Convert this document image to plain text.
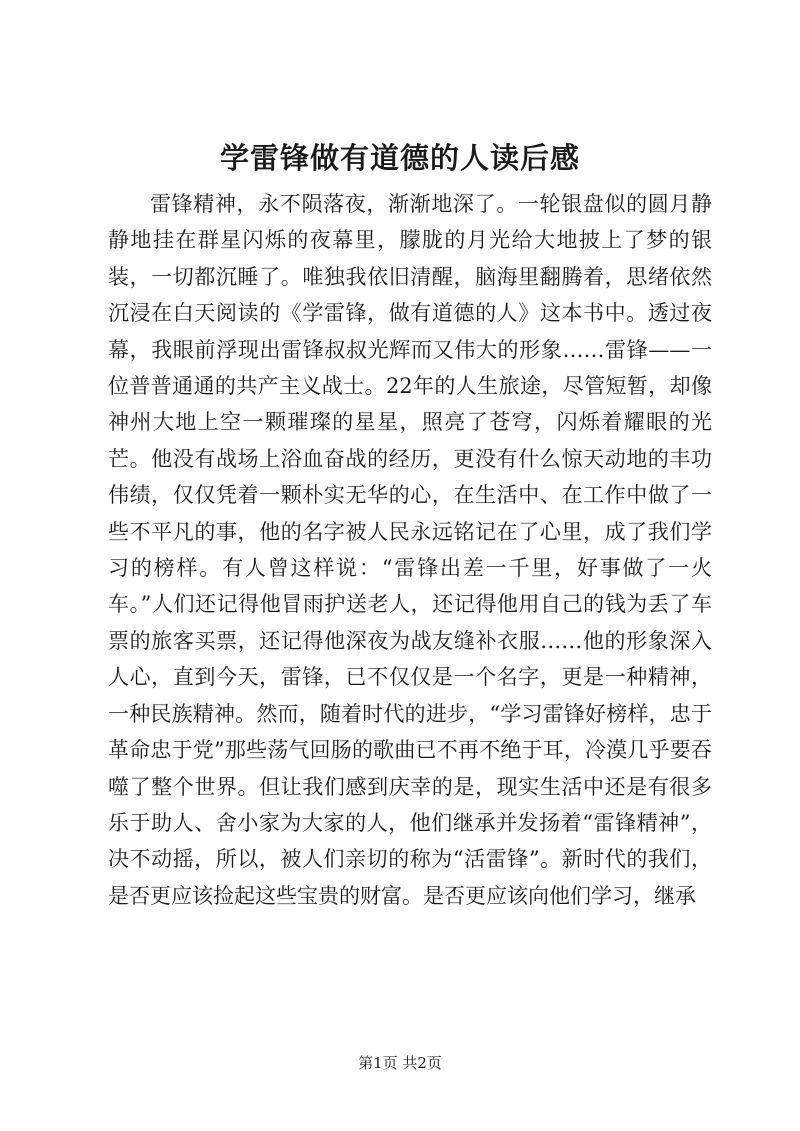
学雷锋做有道德的人读后感

雷锋精神，永不陨落夜，渐渐地深了。一轮银盘似的圆月静静地挂在群星闪烁的夜幕里，朦胧的月光给大地披上了梦的银装，一切都沉睡了。唯独我依旧清醒，脑海里翻腾着，思绪依然沉浸在白天阅读的《学雷锋，做有道德的人》这本书中。透过夜幕，我眼前浮现出雷锋叔叔光辉而又伟大的形象……雷锋——一位普普通通的共产主义战士。22年的人生旅途，尽管短暂，却像神州大地上空一颗璀璨的星星，照亮了苍穹，闪烁着耀眼的光芒。他没有战场上浴血奋战的经历，更没有什么惊天动地的丰功伟绩，仅仅凭着一颗朴实无华的心，在生活中、在工作中做了一些不平凡的事，他的名字被人民永远铭记在了心里，成了我们学习的榜样。有人曾这样说：“雷锋出差一千里，好事做了一火车。”人们还记得他冒雨护送老人，还记得他用自己的钱为丢了车票的旅客买票，还记得他深夜为战友缝补衣服……他的形象深入人心，直到今天，雷锋，已不仅仅是一个名字，更是一种精神，一种民族精神。然而，随着时代的进步，“学习雷锋好榜样，忠于革命忠于党”那些荡气回肠的歌曲已不再不绝于耳，冷漠几乎要吞噬了整个世界。但让我们感到庆幸的是，现实生活中还是有很多乐于助人、舍小家为大家的人，他们继承并发扬着“雷锋精神”，决不动摇，所以，被人们亲切的称为“活雷锋”。新时代的我们，是否更应该捡起这些宝贵的财富。是否更应该向他们学习，继承

第1页 共2页
